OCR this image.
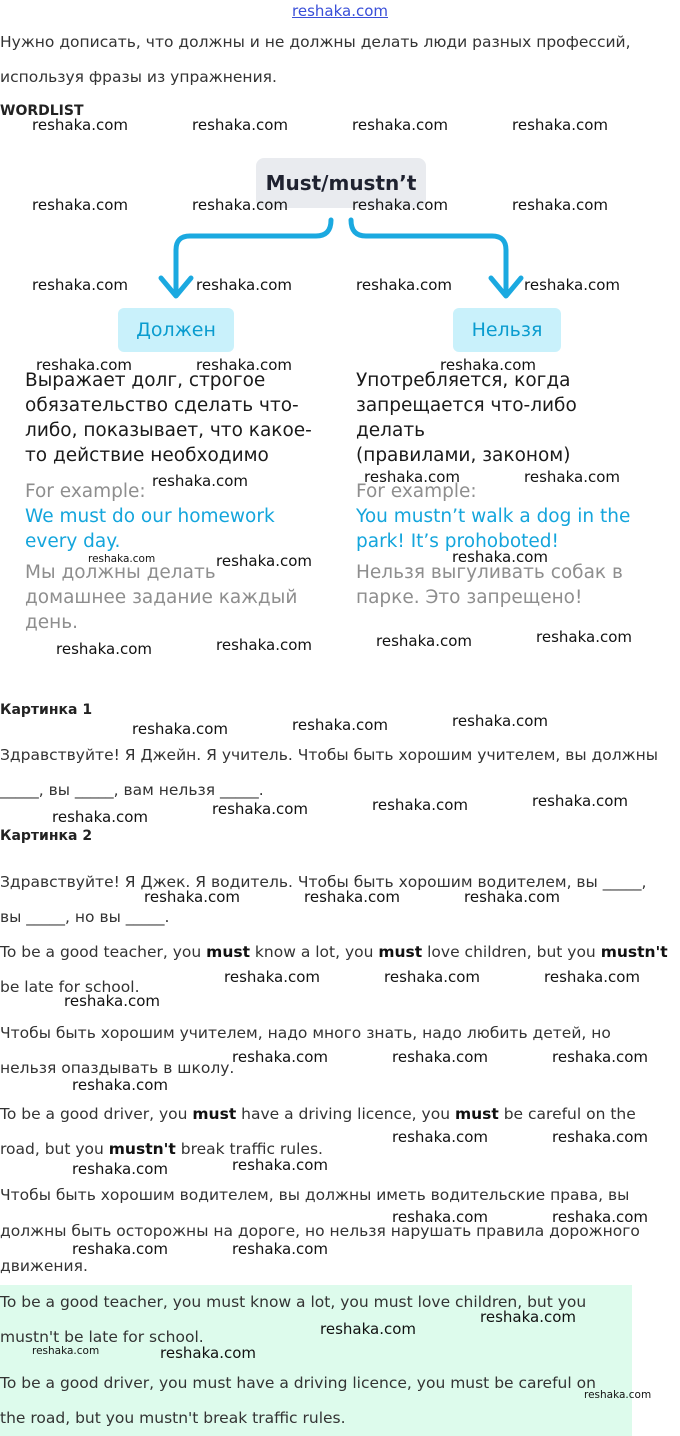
reshaka.com
Нужно дописать, что должны и не должны делать люди разных профессий,
используя фразы из упражнения.
WORDLIST
Must/mustn’t
Должен	Нельзя
Выражает долг, строгое
обязательство сделать что-
либо, показывает, что какое-
то действие необходимо
For example:
We must do our homework
every day.
Мы должны делать
домашнее задание каждый
день.
Употребляется, когда
запрещается что-либо
делать
(правилами, законом)
For example:
You mustn’t walk a dog in the
park! It’s prohoboted!
Нельзя выгуливать собак в
парке. Это запрещено!
Картинка 1
Здравствуйте! Я Джейн. Я учитель. Чтобы быть хорошим учителем, вы должны
_____, вы _____, вам нельзя _____.
Картинка 2
Здравствуйте! Я Джек. Я водитель. Чтобы быть хорошим водителем, вы _____,
вы _____, но вы _____.
To be a good teacher, you must know a lot, you must love children, but you mustn't
be late for school.
Чтобы быть хорошим учителем, надо много знать, надо любить детей, но
нельзя опаздывать в школу.
To be a good driver, you must have a driving licence, you must be careful on the
road, but you mustn't break traffic rules.
Чтобы быть хорошим водителем, вы должны иметь водительские права, вы
должны быть осторожны на дороге, но нельзя нарушать правила дорожного
движения.
To be a good teacher, you must know a lot, you must love children, but you
mustn't be late for school.
To be a good driver, you must have a driving licence, you must be careful on
the road, but you mustn't break traffic rules.
reshaka.com	reshaka.com	reshaka.com	reshaka.com
reshaka.com	reshaka.com	reshaka.com	reshaka.com
reshaka.com	reshaka.com	reshaka.com	reshaka.com
reshaka.com	reshaka.com	reshaka.com
reshaka.com	reshaka.com	reshaka.com
reshaka.com	reshaka.com	reshaka.com
reshaka.com	reshaka.com	reshaka.com	reshaka.com
reshaka.com	reshaka.com	reshaka.com
reshaka.com	reshaka.com	reshaka.com	reshaka.com
reshaka.com	reshaka.com	reshaka.com
reshaka.com	reshaka.com	reshaka.com
reshaka.com
reshaka.com	reshaka.com	reshaka.com
reshaka.com
reshaka.com	reshaka.com
reshaka.com
reshaka.com
reshaka.com	reshaka.com
reshaka.com	reshaka.com
reshaka.com
reshaka.com
reshaka.com	reshaka.com
reshaka.com
